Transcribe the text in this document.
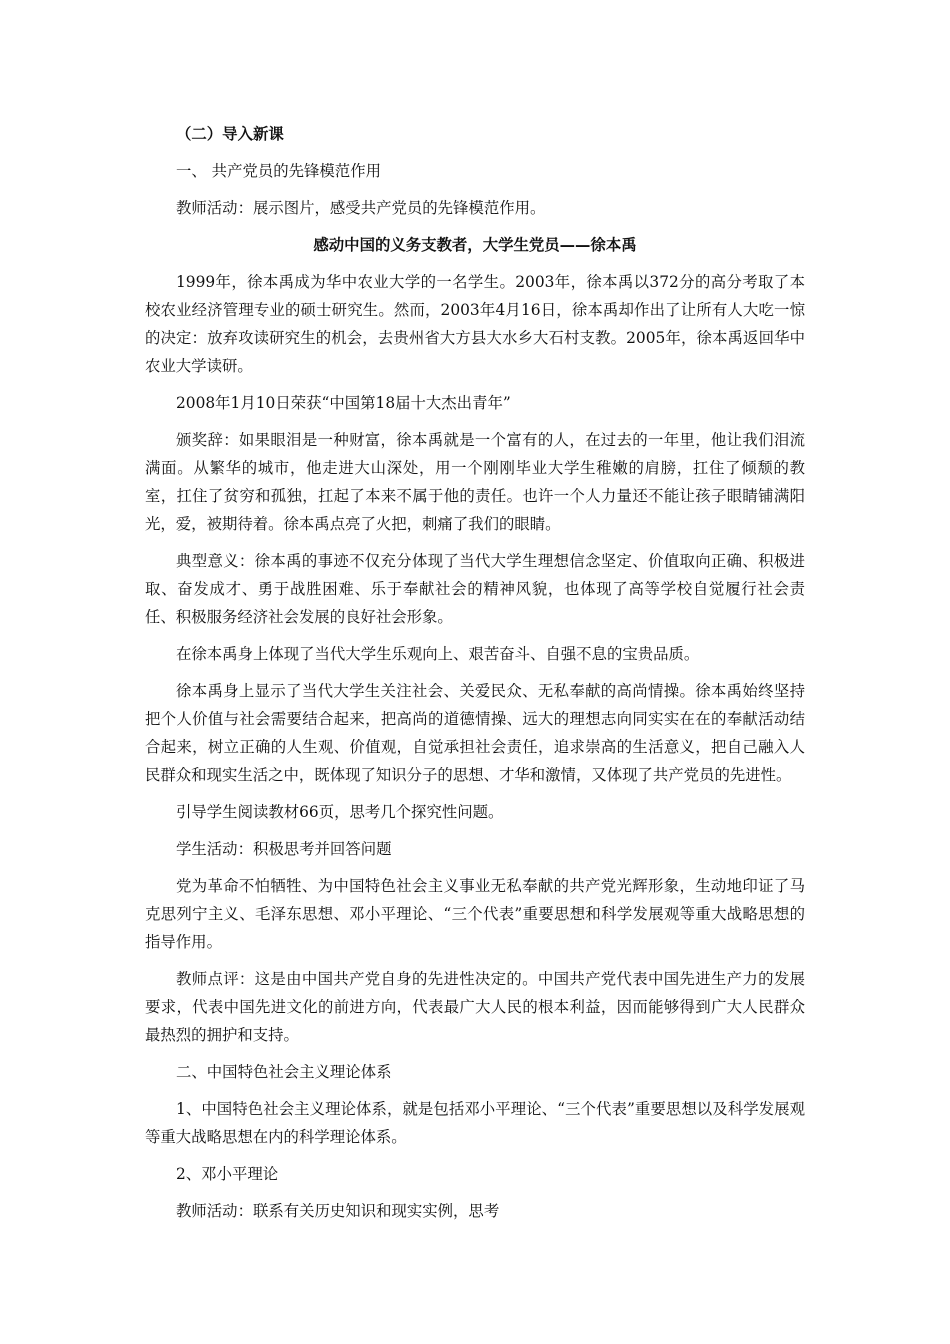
（二）导入新课

一、 共产党员的先锋模范作用

教师活动：展示图片，感受共产党员的先锋模范作用。

感动中国的义务支教者，大学生党员——徐本禹

1999年，徐本禹成为华中农业大学的一名学生。2003年，徐本禹以372分的高分考取了本校农业经济管理专业的硕士研究生。然而，2003年4月16日，徐本禹却作出了让所有人大吃一惊的决定：放弃攻读研究生的机会，去贵州省大方县大水乡大石村支教。2005年，徐本禹返回华中农业大学读研。

2008年1月10日荣获“中国第18届十大杰出青年”

颁奖辞：如果眼泪是一种财富，徐本禹就是一个富有的人，在过去的一年里，他让我们泪流满面。从繁华的城市，他走进大山深处，用一个刚刚毕业大学生稚嫩的肩膀，扛住了倾颓的教室，扛住了贫穷和孤独，扛起了本来不属于他的责任。也许一个人力量还不能让孩子眼睛铺满阳光，爱，被期待着。徐本禹点亮了火把，刺痛了我们的眼睛。

典型意义：徐本禹的事迹不仅充分体现了当代大学生理想信念坚定、价值取向正确、积极进取、奋发成才、勇于战胜困难、乐于奉献社会的精神风貌，也体现了高等学校自觉履行社会责任、积极服务经济社会发展的良好社会形象。

在徐本禹身上体现了当代大学生乐观向上、艰苦奋斗、自强不息的宝贵品质。

徐本禹身上显示了当代大学生关注社会、关爱民众、无私奉献的高尚情操。徐本禹始终坚持把个人价值与社会需要结合起来，把高尚的道德情操、远大的理想志向同实实在在的奉献活动结合起来，树立正确的人生观、价值观，自觉承担社会责任，追求崇高的生活意义，把自己融入人民群众和现实生活之中，既体现了知识分子的思想、才华和激情，又体现了共产党员的先进性。

引导学生阅读教材66页，思考几个探究性问题。

学生活动：积极思考并回答问题

党为革命不怕牺牲、为中国特色社会主义事业无私奉献的共产党光辉形象，生动地印证了马克思列宁主义、毛泽东思想、邓小平理论、“三个代表”重要思想和科学发展观等重大战略思想的指导作用。

教师点评：这是由中国共产党自身的先进性决定的。中国共产党代表中国先进生产力的发展要求，代表中国先进文化的前进方向，代表最广大人民的根本利益，因而能够得到广大人民群众最热烈的拥护和支持。

二、中国特色社会主义理论体系

1、中国特色社会主义理论体系，就是包括邓小平理论、“三个代表”重要思想以及科学发展观等重大战略思想在内的科学理论体系。

2、邓小平理论

教师活动：联系有关历史知识和现实实例，思考
